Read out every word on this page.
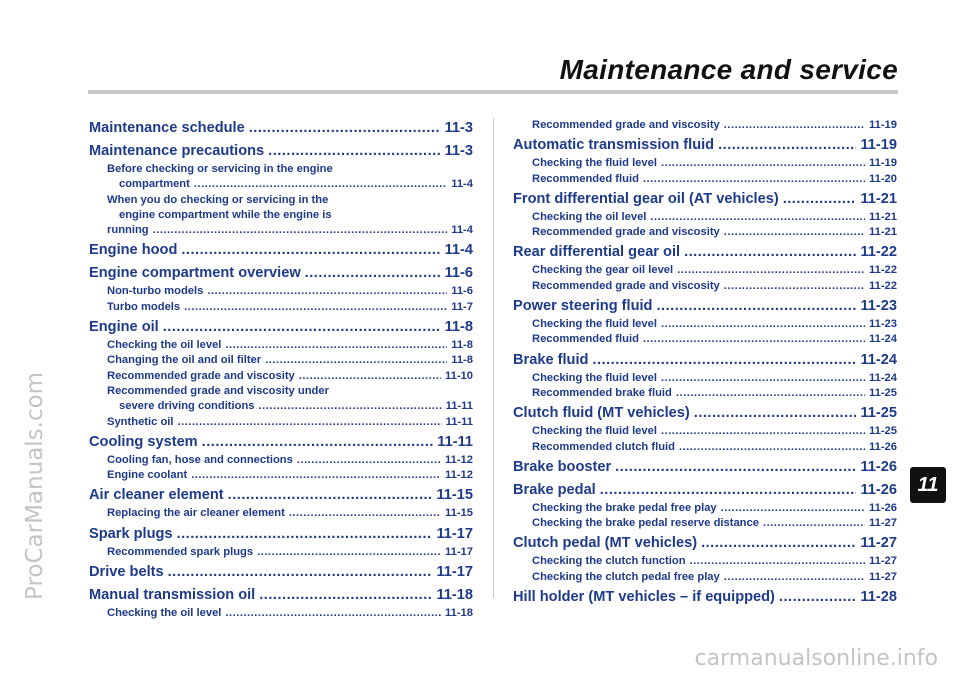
ProCarManuals.com
Maintenance and service
Maintenance schedule .....	11-3
Maintenance precautions .....	11-3
Before checking or servicing in the engine
compartment .....	11-4
When you do checking or servicing in the
engine compartment while the engine is
running .....	11-4
Engine hood .....	11-4
Engine compartment overview .....	11-6
Non-turbo models .....	11-6
Turbo models .....	11-7
Engine oil .....	11-8
Checking the oil level .....	11-8
Changing the oil and oil filter .....	11-8
Recommended grade and viscosity .....	11-10
Recommended grade and viscosity under
severe driving conditions .....	11-11
Synthetic oil .....	11-11
Cooling system .....	11-11
Cooling fan, hose and connections .....	11-12
Engine coolant .....	11-12
Air cleaner element .....	11-15
Replacing the air cleaner element .....	11-15
Spark plugs .....	11-17
Recommended spark plugs .....	11-17
Drive belts .....	11-17
Manual transmission oil .....	11-18
Checking the oil level .....	11-18
Recommended grade and viscosity .....	11-19
Automatic transmission fluid .....	11-19
Checking the fluid level .....	11-19
Recommended fluid .....	11-20
Front differential gear oil (AT vehicles) .....	11-21
Checking the oil level .....	11-21
Recommended grade and viscosity .....	11-21
Rear differential gear oil .....	11-22
Checking the gear oil level .....	11-22
Recommended grade and viscosity .....	11-22
Power steering fluid .....	11-23
Checking the fluid level .....	11-23
Recommended fluid .....	11-24
Brake fluid .....	11-24
Checking the fluid level .....	11-24
Recommended brake fluid .....	11-25
Clutch fluid (MT vehicles) .....	11-25
Checking the fluid level .....	11-25
Recommended clutch fluid .....	11-26
Brake booster .....	11-26
Brake pedal .....	11-26
Checking the brake pedal free play .....	11-26
Checking the brake pedal reserve distance .....	11-27
Clutch pedal (MT vehicles) .....	11-27
Checking the clutch function .....	11-27
Checking the clutch pedal free play .....	11-27
Hill holder (MT vehicles – if equipped) .....	11-28
11
carmanualsonline.info
